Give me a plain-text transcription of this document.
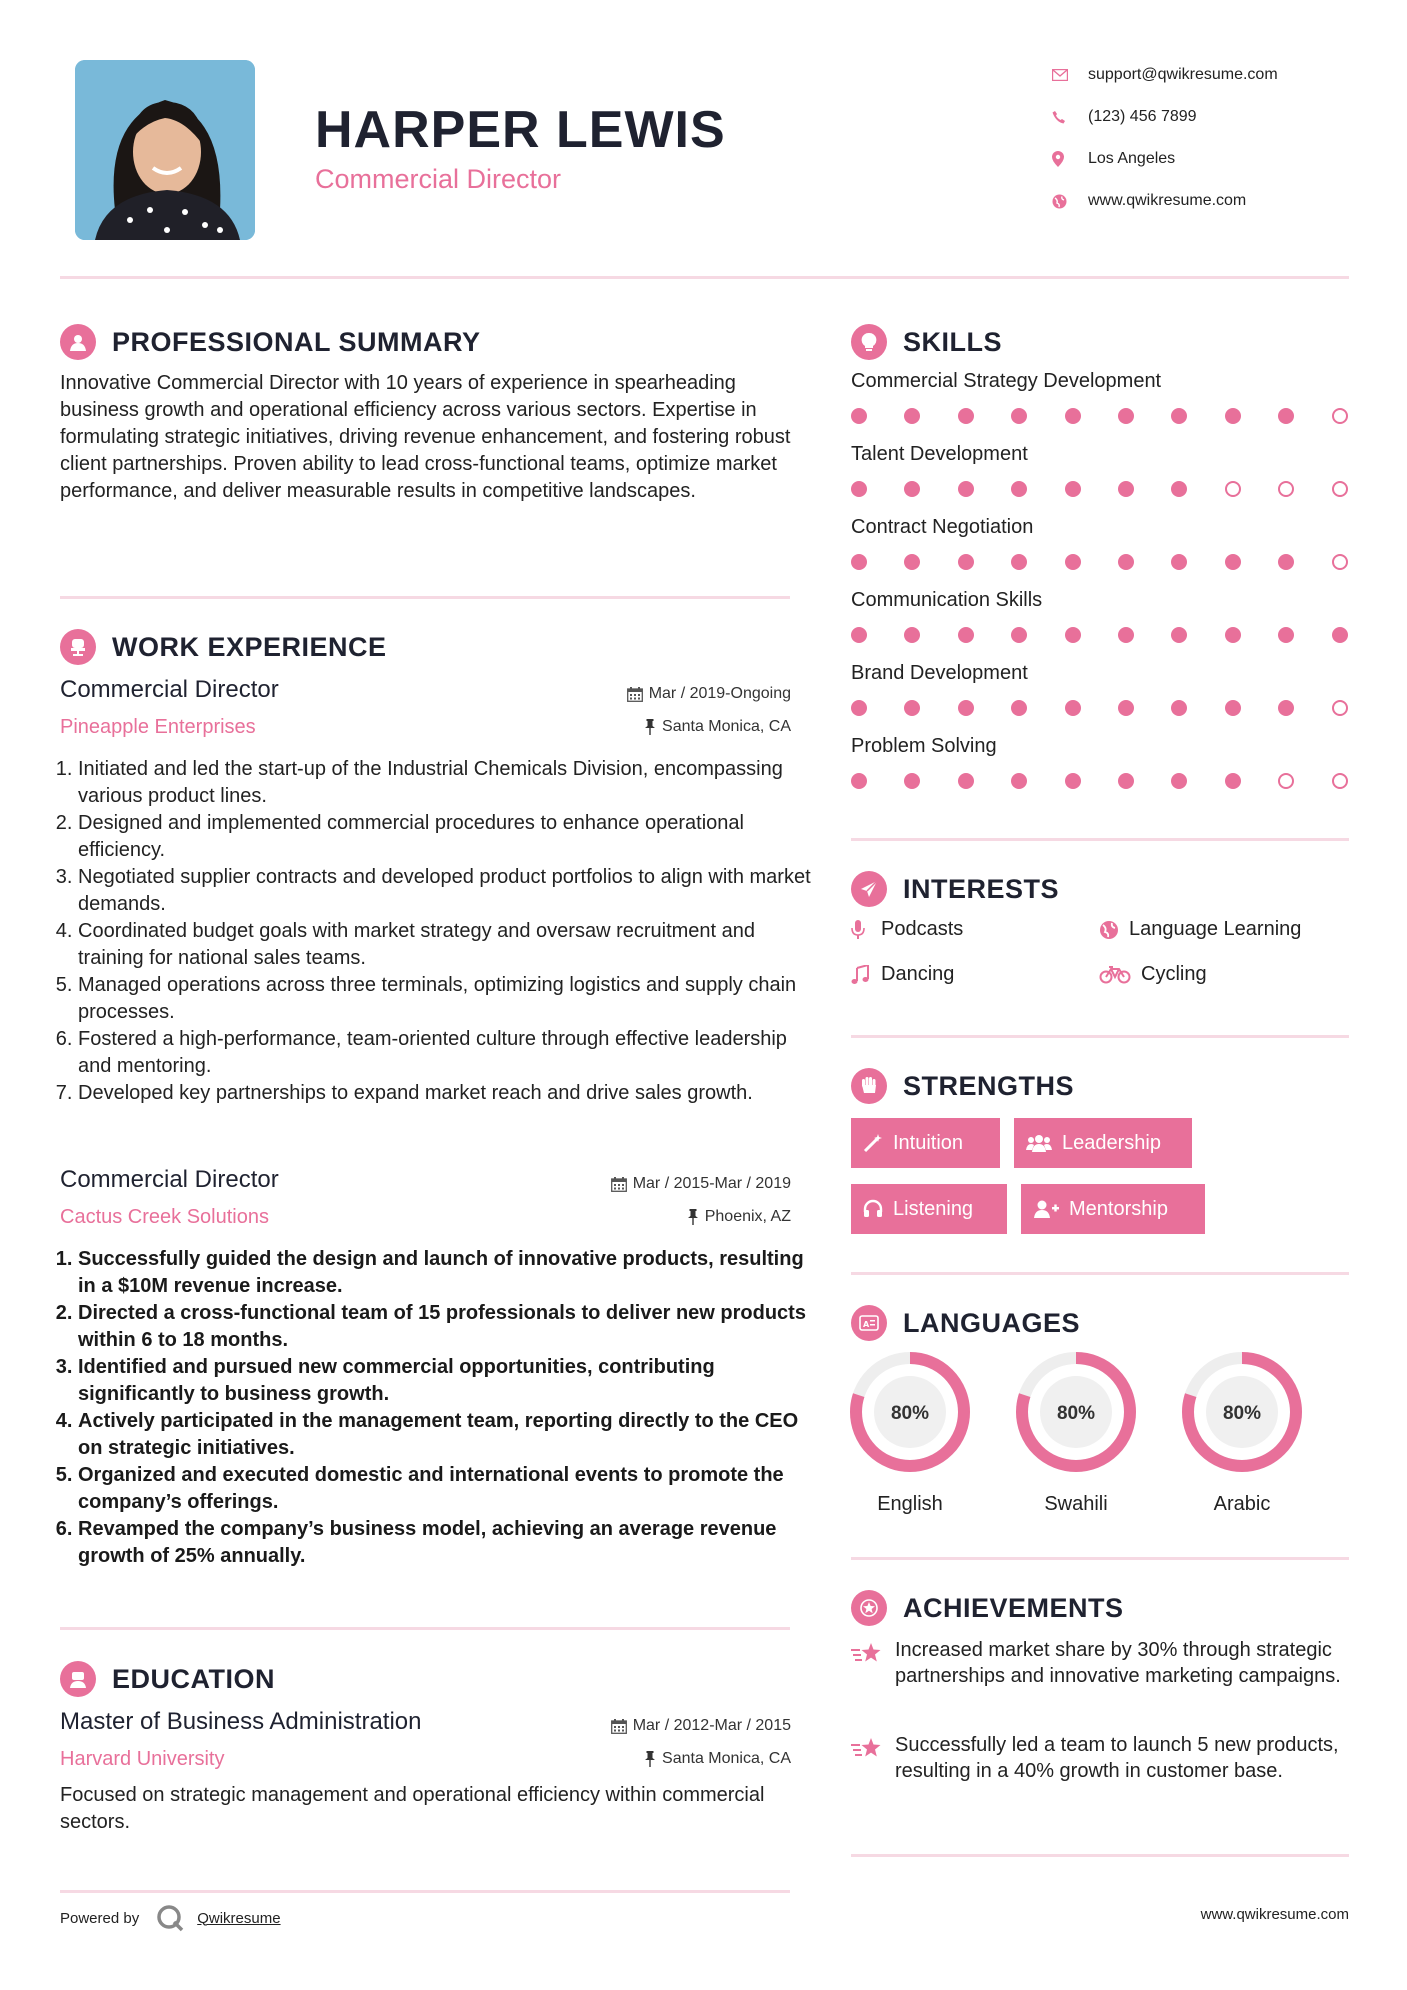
HARPER LEWIS
Commercial Director
support@qwikresume.com
(123) 456 7899
Los Angeles
www.qwikresume.com
PROFESSIONAL SUMMARY
Innovative Commercial Director with 10 years of experience in spearheading business growth and operational efficiency across various sectors. Expertise in formulating strategic initiatives, driving revenue enhancement, and fostering robust client partnerships. Proven ability to lead cross-functional teams, optimize market performance, and deliver measurable results in competitive landscapes.
WORK EXPERIENCE
Commercial Director
Pineapple Enterprises
Mar / 2019-Ongoing
Santa Monica, CA
1. Initiated and led the start-up of the Industrial Chemicals Division, encompassing various product lines.
2. Designed and implemented commercial procedures to enhance operational efficiency.
3. Negotiated supplier contracts and developed product portfolios to align with market demands.
4. Coordinated budget goals with market strategy and oversaw recruitment and training for national sales teams.
5. Managed operations across three terminals, optimizing logistics and supply chain processes.
6. Fostered a high-performance, team-oriented culture through effective leadership and mentoring.
7. Developed key partnerships to expand market reach and drive sales growth.
Commercial Director
Cactus Creek Solutions
Mar / 2015-Mar / 2019
Phoenix, AZ
1. Successfully guided the design and launch of innovative products, resulting in a $10M revenue increase.
2. Directed a cross-functional team of 15 professionals to deliver new products within 6 to 18 months.
3. Identified and pursued new commercial opportunities, contributing significantly to business growth.
4. Actively participated in the management team, reporting directly to the CEO on strategic initiatives.
5. Organized and executed domestic and international events to promote the company’s offerings.
6. Revamped the company’s business model, achieving an average revenue growth of 25% annually.
EDUCATION
Master of Business Administration
Harvard University
Mar / 2012-Mar / 2015
Santa Monica, CA
Focused on strategic management and operational efficiency within commercial sectors.
SKILLS
Commercial Strategy Development
Talent Development
Contract Negotiation
Communication Skills
Brand Development
Problem Solving
INTERESTS
Podcasts	Language Learning
Dancing	Cycling
STRENGTHS
Intuition	Leadership
Listening	Mentorship
A LANGUAGES
80%
English
80%
Swahili
80%
Arabic
ACHIEVEMENTS
Increased market share by 30% through strategic partnerships and innovative marketing campaigns.
Successfully led a team to launch 5 new products, resulting in a 40% growth in customer base.
Powered by	Qwikresume	www.qwikresume.com
